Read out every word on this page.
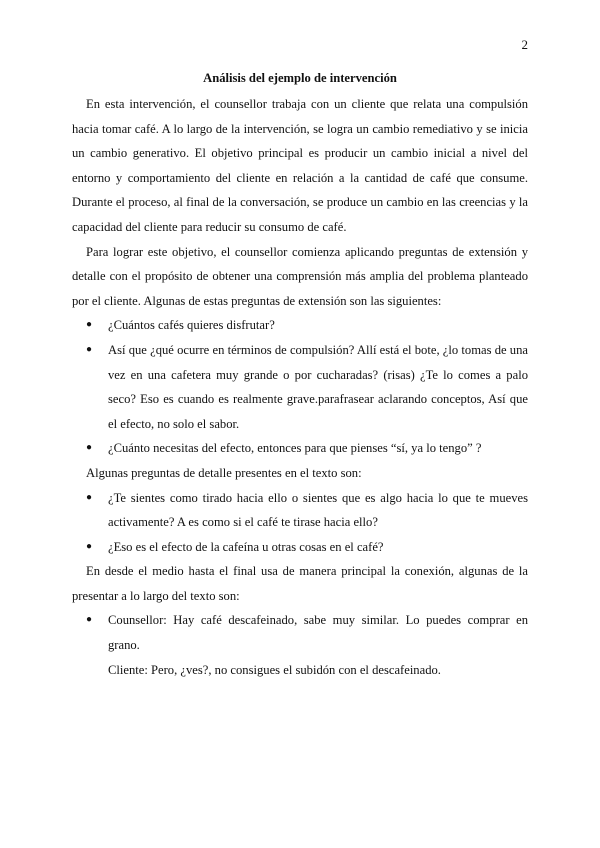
2
Análisis del ejemplo de intervención

En esta intervención, el counsellor trabaja con un cliente que relata una compulsión hacia tomar café. A lo largo de la intervención, se logra un cambio remediativo y se inicia un cambio generativo. El objetivo principal es producir un cambio inicial a nivel del entorno y comportamiento del cliente en relación a la cantidad de café que consume. Durante el proceso, al final de la conversación, se produce un cambio en las creencias y la capacidad del cliente para reducir su consumo de café.

Para lograr este objetivo, el counsellor comienza aplicando preguntas de extensión y detalle con el propósito de obtener una comprensión más amplia del problema planteado por el cliente. Algunas de estas preguntas de extensión son las siguientes:

● ¿Cuántos cafés quieres disfrutar?
● Así que ¿qué ocurre en términos de compulsión? Allí está el bote, ¿lo tomas de una vez en una cafetera muy grande o por cucharadas? (risas) ¿Te lo comes a palo seco? Eso es cuando es realmente grave.parafrasear aclarando conceptos, Así que el efecto, no solo el sabor.
● ¿Cuánto necesitas del efecto, entonces para que pienses “sí, ya lo tengo” ?

Algunas preguntas de detalle presentes en el texto son:

● ¿Te sientes como tirado hacia ello o sientes que es algo hacia lo que te mueves activamente? A es como si el café te tirase hacia ello?
● ¿Eso es el efecto de la cafeína u otras cosas en el café?

En desde el medio hasta el final usa de manera principal la conexión, algunas de la presentar a lo largo del texto son:

● Counsellor: Hay café descafeinado, sabe muy similar. Lo puedes comprar en grano.
Cliente: Pero, ¿ves?, no consigues el subidón con el descafeinado.
